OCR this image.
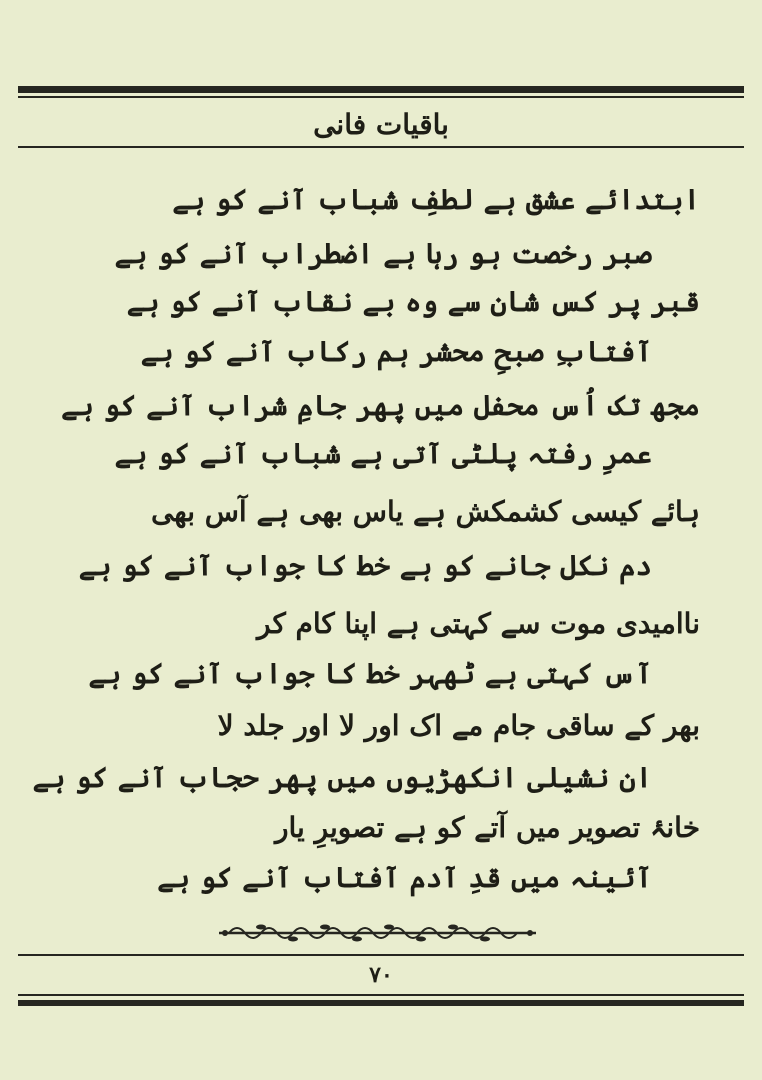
باقیات فانی
ابتدائے عشق ہے لطفِ شباب آنے کو ہے
صبر رخصت ہو رہا ہے اضطراب آنے کو ہے
قبر پر کس شان سے وہ بے نقاب آنے کو ہے
آفتابِ صبحِ محشر ہم رکاب آنے کو ہے
مجھ تک اُس محفل میں پھر جامِ شراب آنے کو ہے
عمرِ رفتہ پلٹی آتی ہے شباب آنے کو ہے
ہائے کیسی کشمکش ہے یاس بھی ہے آس بھی
دم نکل جانے کو ہے خط کا جواب آنے کو ہے
ناامیدی موت سے کہتی ہے اپنا کام کر
آس کہتی ہے ٹھہر خط کا جواب آنے کو ہے
بھر کے ساقی جام مے اک اور لا اور جلد لا
ان نشیلی انکھڑیوں میں پھر حجاب آنے کو ہے
خانۂ تصویر میں آتے کو ہے تصویرِ یار
آئینہ میں قدِ آدم آفتاب آنے کو ہے
۷۰
